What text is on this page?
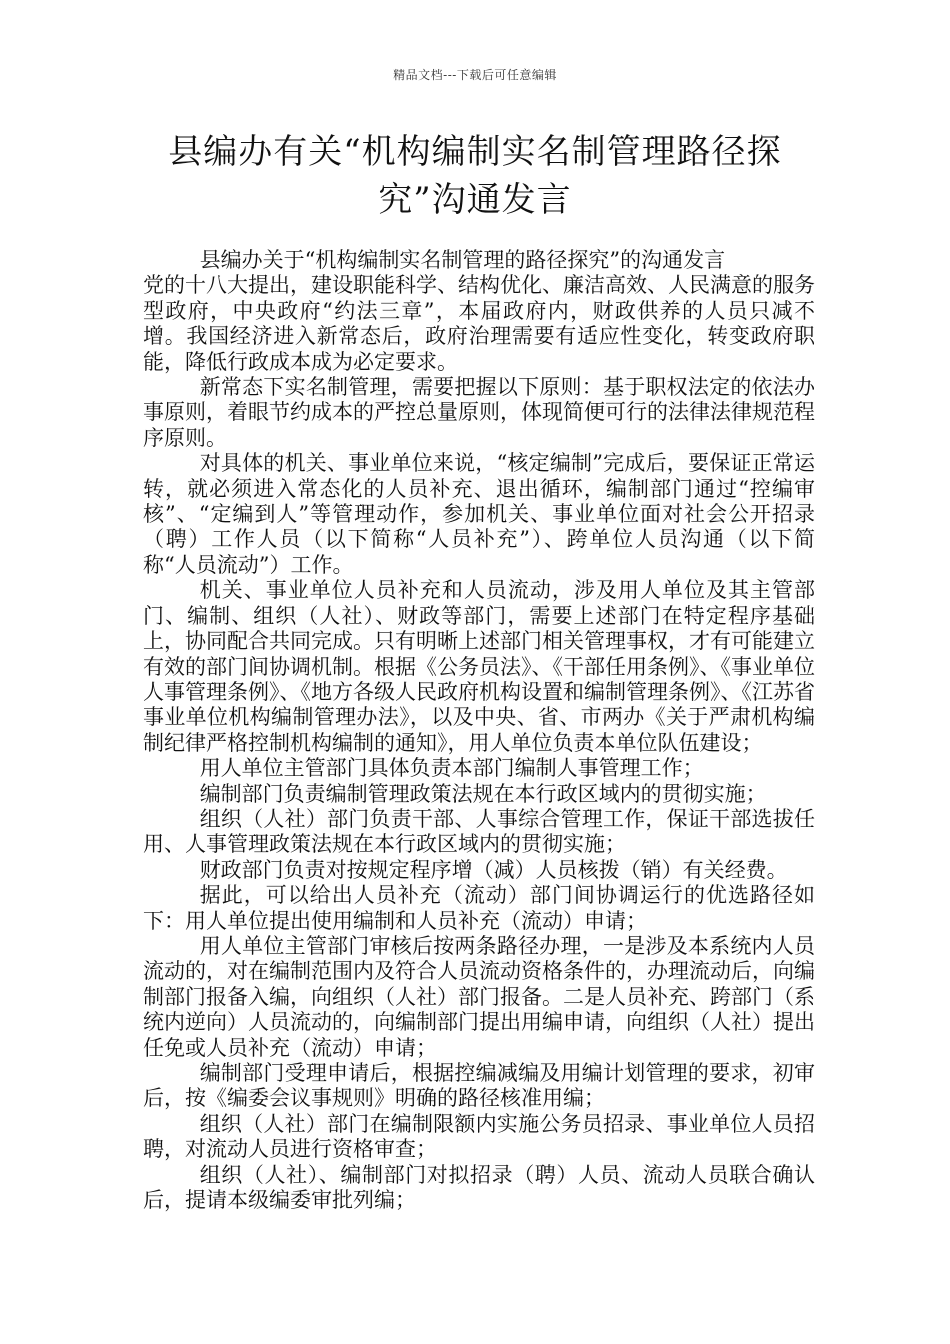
精品文档---下载后可任意编辑
县编办有关“机构编制实名制管理路径探究”沟通发言

县编办关于“机构编制实名制管理的路径探究”的沟通发言

党的十八大提出，建设职能科学、结构优化、廉洁高效、人民满意的服务型政府，中央政府“约法三章”，本届政府内，财政供养的人员只减不增。我国经济进入新常态后，政府治理需要有适应性变化，转变政府职能，降低行政成本成为必定要求。

新常态下实名制管理，需要把握以下原则：基于职权法定的依法办事原则，着眼节约成本的严控总量原则，体现简便可行的法律法律规范程序原则。

对具体的机关、事业单位来说，“核定编制”完成后，要保证正常运转，就必须进入常态化的人员补充、退出循环，编制部门通过“控编审核”、“定编到人”等管理动作，参加机关、事业单位面对社会公开招录（聘）工作人员（以下简称“人员补充”）、跨单位人员沟通（以下简称“人员流动”）工作。

机关、事业单位人员补充和人员流动，涉及用人单位及其主管部门、编制、组织（人社）、财政等部门，需要上述部门在特定程序基础上，协同配合共同完成。只有明晰上述部门相关管理事权，才有可能建立有效的部门间协调机制。根据《公务员法》、《干部任用条例》、《事业单位人事管理条例》、《地方各级人民政府机构设置和编制管理条例》、《江苏省事业单位机构编制管理办法》，以及中央、省、市两办《关于严肃机构编制纪律严格控制机构编制的通知》，用人单位负责本单位队伍建设；

用人单位主管部门具体负责本部门编制人事管理工作；

编制部门负责编制管理政策法规在本行政区域内的贯彻实施；

组织（人社）部门负责干部、人事综合管理工作，保证干部选拔任用、人事管理政策法规在本行政区域内的贯彻实施；

财政部门负责对按规定程序增（减）人员核拨（销）有关经费。

据此，可以给出人员补充（流动）部门间协调运行的优选路径如下：用人单位提出使用编制和人员补充（流动）申请；

用人单位主管部门审核后按两条路径办理，一是涉及本系统内人员流动的，对在编制范围内及符合人员流动资格条件的，办理流动后，向编制部门报备入编，向组织（人社）部门报备。二是人员补充、跨部门（系统内逆向）人员流动的，向编制部门提出用编申请，向组织（人社）提出任免或人员补充（流动）申请；

编制部门受理申请后，根据控编减编及用编计划管理的要求，初审后，按《编委会议事规则》明确的路径核准用编；

组织（人社）部门在编制限额内实施公务员招录、事业单位人员招聘，对流动人员进行资格审查；

组织（人社）、编制部门对拟招录（聘）人员、流动人员联合确认后，提请本级编委审批列编；
